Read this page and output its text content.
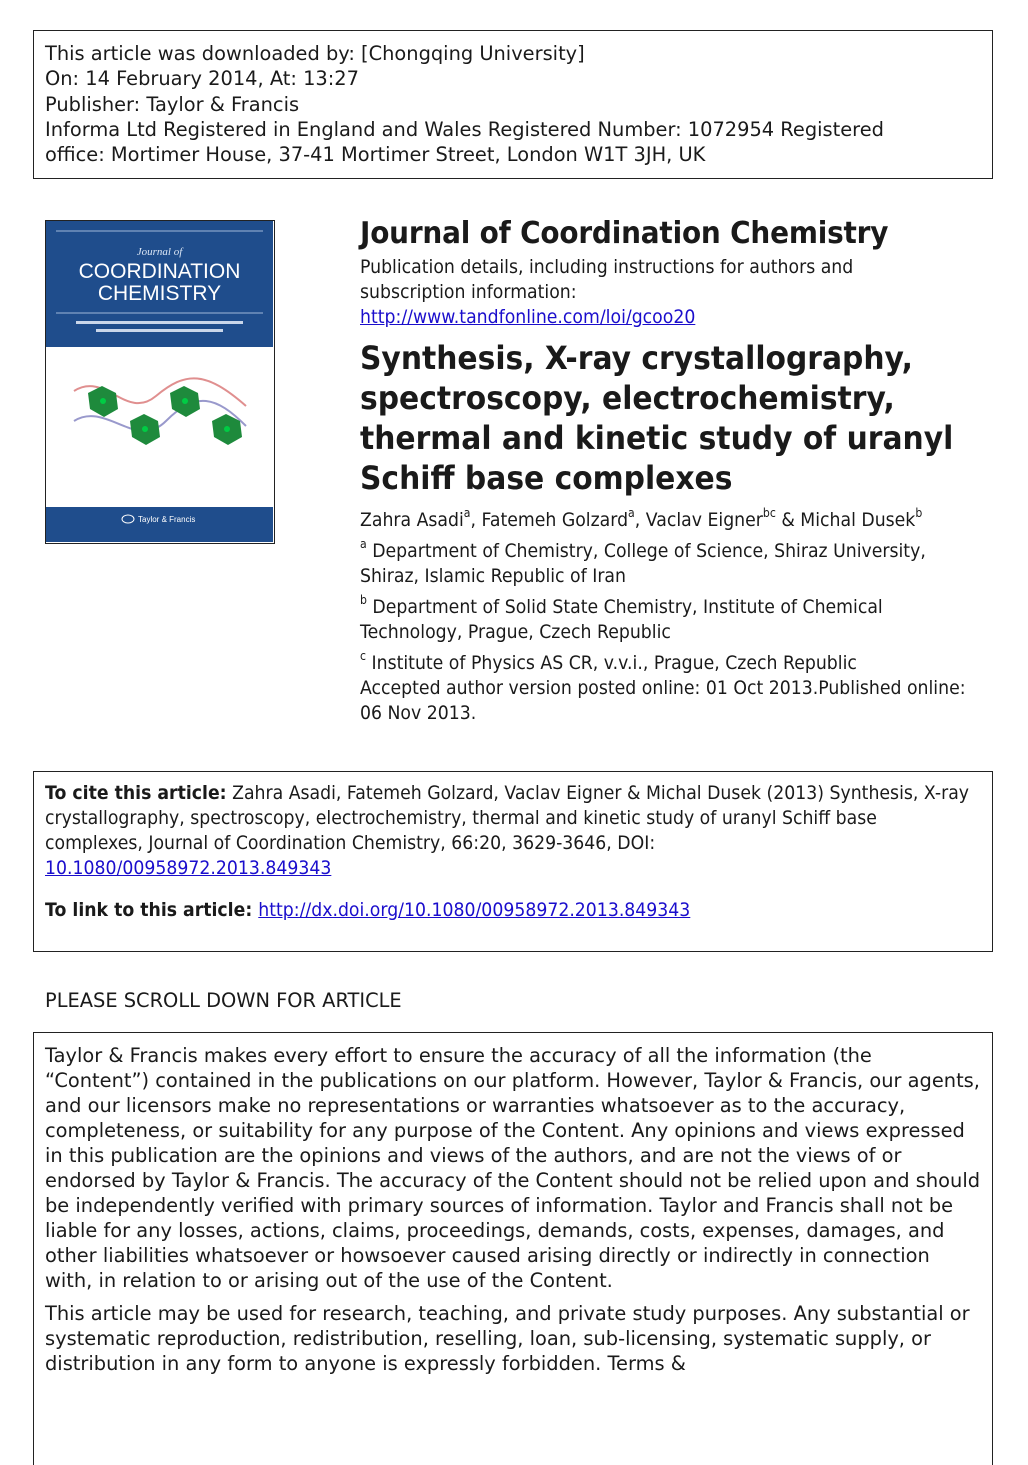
This article was downloaded by: [Chongqing University]
On: 14 February 2014, At: 13:27
Publisher: Taylor & Francis
Informa Ltd Registered in England and Wales Registered Number: 1072954 Registered
office: Mortimer House, 37-41 Mortimer Street, London W1T 3JH, UK
Journal of
COORDINATION
CHEMISTRY
Taylor & Francis
Journal of Coordination Chemistry
Publication details, including instructions for authors and
subscription information:
http://www.tandfonline.com/loi/gcoo20
Synthesis, X-ray crystallography, spectroscopy, electrochemistry, thermal and kinetic study of uranyl Schiff base complexes
Zahra Asadi$^a$, Fatemeh Golzard$^a$, Vaclav Eigner$^{bc}$ & Michal Dusek$^b$
$^a$ Department of Chemistry, College of Science, Shiraz University, Shiraz, Islamic Republic of Iran
$^b$ Department of Solid State Chemistry, Institute of Chemical Technology, Prague, Czech Republic
$^c$ Institute of Physics AS CR, v.v.i., Prague, Czech Republic
Accepted author version posted online: 01 Oct 2013.Published online: 06 Nov 2013.
To cite this article: Zahra Asadi, Fatemeh Golzard, Vaclav Eigner & Michal Dusek (2013) Synthesis, X-ray crystallography, spectroscopy, electrochemistry, thermal and kinetic study of uranyl Schiff base complexes, Journal of Coordination Chemistry, 66:20, 3629-3646, DOI:
10.1080/00958972.2013.849343
To link to this article: http://dx.doi.org/10.1080/00958972.2013.849343
PLEASE SCROLL DOWN FOR ARTICLE

Taylor & Francis makes every effort to ensure the accuracy of all the information (the “Content”) contained in the publications on our platform. However, Taylor & Francis, our agents, and our licensors make no representations or warranties whatsoever as to the accuracy, completeness, or suitability for any purpose of the Content. Any opinions and views expressed in this publication are the opinions and views of the authors, and are not the views of or endorsed by Taylor & Francis. The accuracy of the Content should not be relied upon and should be independently verified with primary sources of information. Taylor and Francis shall not be liable for any losses, actions, claims, proceedings, demands, costs, expenses, damages, and other liabilities whatsoever or howsoever caused arising directly or indirectly in connection with, in relation to or arising out of the use of the Content.

This article may be used for research, teaching, and private study purposes. Any substantial or systematic reproduction, redistribution, reselling, loan, sub-licensing, systematic supply, or distribution in any form to anyone is expressly forbidden. Terms &
